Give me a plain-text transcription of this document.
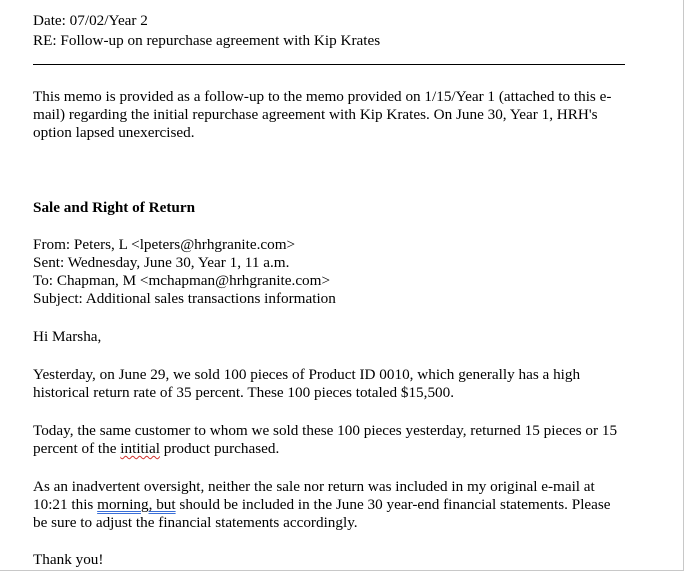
Date: 07/02/Year 2
RE: Follow-up on repurchase agreement with Kip Krates
This memo is provided as a follow-up to the memo provided on 1/15/Year 1 (attached to this e-
mail) regarding the initial repurchase agreement with Kip Krates. On June 30, Year 1, HRH's
option lapsed unexercised.
Sale and Right of Return
From: Peters, L <lpeters@hrhgranite.com>
Sent: Wednesday, June 30, Year 1, 11 a.m.
To: Chapman, M <mchapman@hrhgranite.com>
Subject: Additional sales transactions information
Hi Marsha,
Yesterday, on June 29, we sold 100 pieces of Product ID 0010, which generally has a high
historical return rate of 35 percent. These 100 pieces totaled $15,500.
Today, the same customer to whom we sold these 100 pieces yesterday, returned 15 pieces or 15
percent of the intitial product purchased.
As an inadvertent oversight, neither the sale nor return was included in my original e-mail at
10:21 this morning, but should be included in the June 30 year-end financial statements. Please
be sure to adjust the financial statements accordingly.
Thank you!
